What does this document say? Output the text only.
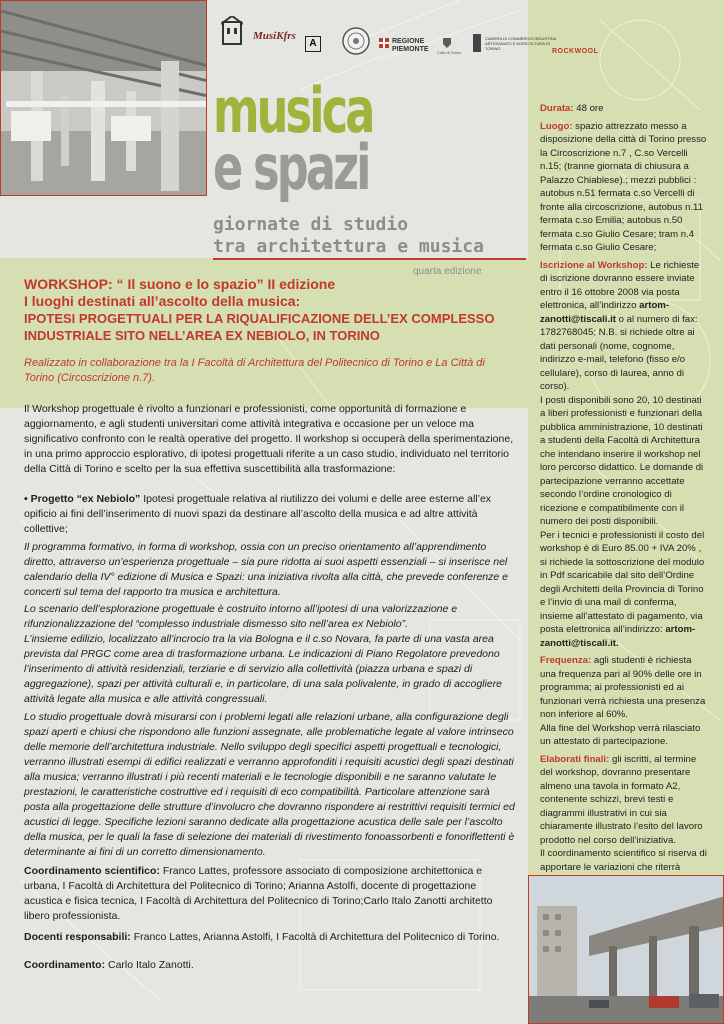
MusiKfrs
A	REGIONE PIEMONTE	Città di Torino
CAMERA DI COMMERCIO INDUSTRIA ARTIGIANATO E AGRICOLTURA DI TORINO	ROCKWOOL
musica
e spazi
giornate di studio
tra architettura e musica
quarta edizione
WORKSHOP: “ Il suono e lo spazio” II edizione
I luoghi destinati all’ascolto della musica:
IPOTESI PROGETTUALI PER LA RIQUALIFICAZIONE DELL’EX COMPLESSO
INDUSTRIALE SITO NELL’AREA EX NEBIOLO, IN TORINO
Realizzato in collaborazione tra la I Facoltà di Architettura del Politecnico di Torino e La Città di Torino (Circoscrizione n.7).
Il Workshop progettuale è rivolto a funzionari e professionisti, come opportunità di formazione e aggiornamento, e agli studenti universitari come attività integrativa e occasione per un veloce ma significativo confronto con le realtà operative del progetto. Il workshop si occuperà della sperimentazione, in una primo approccio esplorativo, di ipotesi progettuali riferite a un caso studio, individuato nel territorio della Città di Torino e scelto per la sua effettiva suscettibilità alla trasformazione:
• Progetto “ex Nebiolo” Ipotesi progettuale relativa al riutilizzo dei volumi e delle aree esterne all’ex opificio ai fini dell’inserimento di nuovi spazi da destinare all’ascolto della musica e ad altre attività collettive;
Il programma formativo, in forma di workshop, ossia con un preciso orientamento all’apprendimento diretto, attraverso un’esperienza progettuale – sia pure ridotta ai suoi aspetti essenziali – si inserisce nel calendario della IV° edizione di Musica e Spazi: una iniziativa rivolta alla città, che prevede conferenze e concerti sul tema del rapporto tra musica e architettura.
Lo scenario dell’esplorazione progettuale è costruito intorno all’ipotesi di una valorizzazione e rifunzionalizzazione del “complesso industriale dismesso sito nell’area ex Nebiolo”.
L’insieme edilizio, localizzato all’incrocio tra la via Bologna e il c.so Novara, fa parte di una vasta area prevista dal PRGC come area di trasformazione urbana. Le indicazioni di Piano Regolatore prevedono l’inserimento di attività residenziali, terziarie e di servizio alla collettività (piazza urbana e spazi di aggregazione), spazi per attività culturali e, in particolare, di una sala polivalente, in grado di accogliere attività legate alla musica e alle attività congressuali.
Lo studio progettuale dovrà misurarsi con i problemi legati alle relazioni urbane, alla configurazione degli spazi aperti e chiusi che rispondono alle funzioni assegnate, alle problematiche legate al valore intrinseco delle memorie dell’architettura industriale. Nello sviluppo degli specifici aspetti progettuali e tecnologici, verranno illustrati esempi di edifici realizzati e verranno approfonditi i requisiti acustici degli spazi destinati alla musica; verranno illustrati i più recenti materiali e le tecnologie disponibili e ne saranno valutate le prestazioni, le caratteristiche costruttive ed i requisiti di eco compatibilità. Particolare attenzione sarà posta alla progettazione delle strutture d’involucro che dovranno rispondere ai restrittivi requisiti termici ed acustici di legge. Specifiche lezioni saranno dedicate alla progettazione acustica delle sale per l’ascolto della musica, per le quali la fase di selezione dei materiali di rivestimento fonoassorbenti e fonoriflettenti è determinante ai fini di un corretto dimensionamento.
Coordinamento scientifico: Franco Lattes, professore associato di composizione architettonica e urbana, I Facoltà di Architettura del Politecnico di Torino; Arianna Astolfi, docente di progettazione acustica e fisica tecnica, I Facoltà di Architettura del Politecnico di Torino;Carlo Italo Zanotti architetto libero professionista.
Docenti responsabili: Franco Lattes, Arianna Astolfi, I Facoltà di Architettura del Politecnico di Torino.
Coordinamento: Carlo Italo Zanotti.

Durata: 48 ore

Luogo: spazio attrezzato messo a disposizione della città di Torino presso la Circoscrizione n.7 , C.so Vercelli n.15; (tranne giornata di chiusura a Palazzo Chiablese).; mezzi pubblici : autobus n.51 fermata c.so Vercelli di fronte alla circoscrizione, autobus n.11 fermata c.so Emilia; autobus n.50 fermata c.so Giulio Cesare; tram n.4 fermata c.so Giulio Cesare;

Iscrizione al Workshop: Le richieste di iscrizione dovranno essere inviate entro il 16 ottobre 2008 via posta elettronica, all’indirizzo artom-zanotti@tiscali.it o al numero di fax: 1782768045; N.B. si richiede oltre ai dati personali (nome, cognome, indirizzo e-mail, telefono (fisso e/o cellulare), corso di laurea, anno di corso).

I posti disponibili sono 20, 10 destinati a liberi professionisti e funzionari della pubblica amministrazione, 10 destinati a studenti della Facoltà di Architettura che intendano inserire il workshop nel loro percorso didattico. Le domande di partecipazione verranno accettate secondo l’ordine cronologico di ricezione e compatibilmente con il numero dei posti disponibili.

Per i tecnici e professionisti il costo del workshop è di Euro 85.00 + IVA 20% , si richiede la sottoscrizione del modulo in Pdf scaricabile dal sito dell’Ordine degli Architetti della Provincia di Torino e l’invio di una mail di conferma, insieme all’attestato di pagamento, via posta elettronica all’indirizzo: artom-zanotti@tiscali.it.

Frequenza: agli studenti è richiesta una frequenza pari al 90% delle ore in programma; ai professionisti ed ai funzionari verrà richiesta una presenza non inferiore al 60%.

Alla fine del Workshop verrà rilasciato un attestato di partecipazione.

Elaborati finali: gli iscritti, al termine del workshop, dovranno presentare almeno una tavola in formato A2, contenente schizzi, brevi testi e diagrammi illustrativi in cui sia chiaramente illustrato l’esito del lavoro prodotto nel corso dell’iniziativa.

Il coordinamento scientifico si riserva di apportare le variazioni che riterrà
